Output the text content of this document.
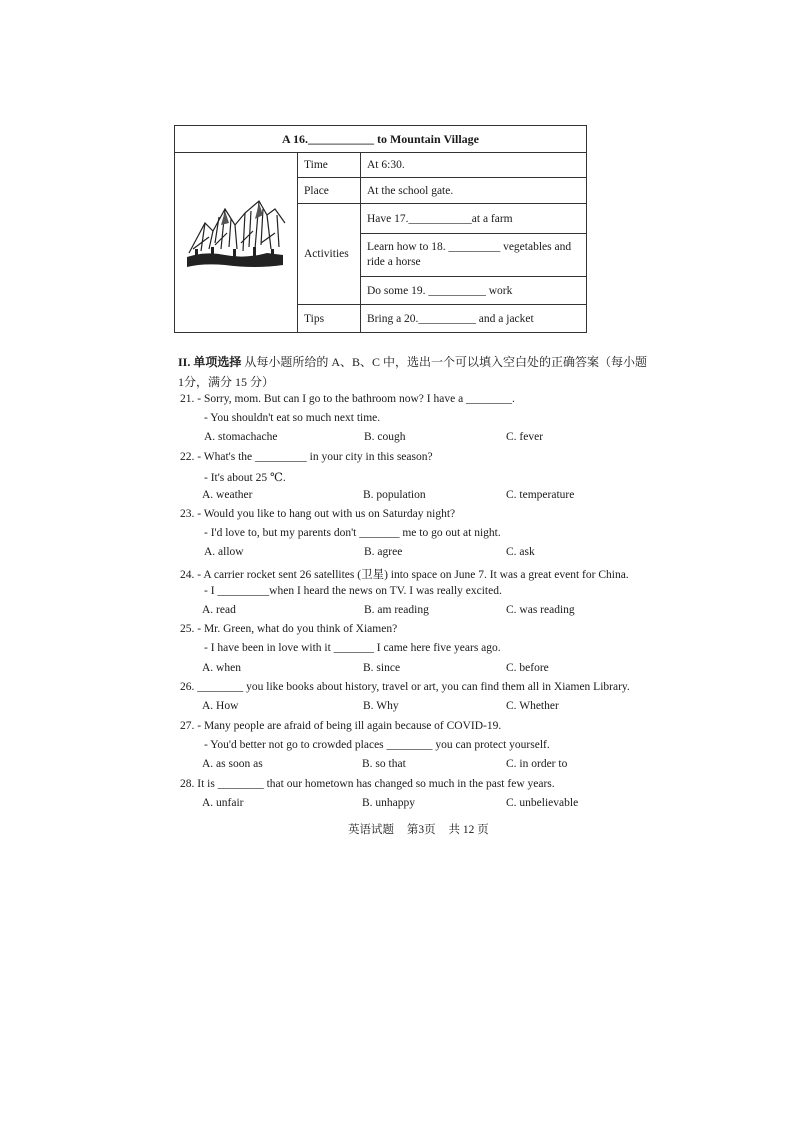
A 16.___________ to Mountain Village		
	Time	At 6:30.
	Place	At the school gate.
	Activities	Have 17.___________at a farm

		Learn how to 18. _________ vegetables and ride a horse

		Do some 19. __________ work
	Tips	Bring a 20.__________ and a jacket
II. 单项选择 从每小题所给的 A、B、C 中，选出一个可以填入空白处的正确答案（每小题
1分，满分 15 分）
21. - Sorry, mom. But can I go to the bathroom now? I have a ________.
- You shouldn't eat so much next time.
A. stomachache	B. cough	C. fever
22. - What's the _________ in your city in this season?
- It's about 25 ℃.
A. weather	B. population	C. temperature
23. - Would you like to hang out with us on Saturday night?
- I'd love to, but my parents don't _______ me to go out at night.
A. allow	B. agree	C. ask
24. - A carrier rocket sent 26 satellites (卫星) into space on June 7. It was a great event for China.
- I _________when I heard the news on TV. I was really excited.
A. read	B. am reading	C. was reading
25. - Mr. Green, what do you think of Xiamen?
- I have been in love with it _______ I came here five years ago.
A. when	B. since	C. before
26. ________ you like books about history, travel or art, you can find them all in Xiamen Library.
A. How	B. Why	C. Whether
27. - Many people are afraid of being ill again because of COVID-19.
- You'd better not go to crowded places ________ you can protect yourself.
A. as soon as	B. so that	C. in order to
28. It is ________ that our hometown has changed so much in the past few years.
A. unfair	B. unhappy	C. unbelievable
英语试题 第3页 共 12 页
